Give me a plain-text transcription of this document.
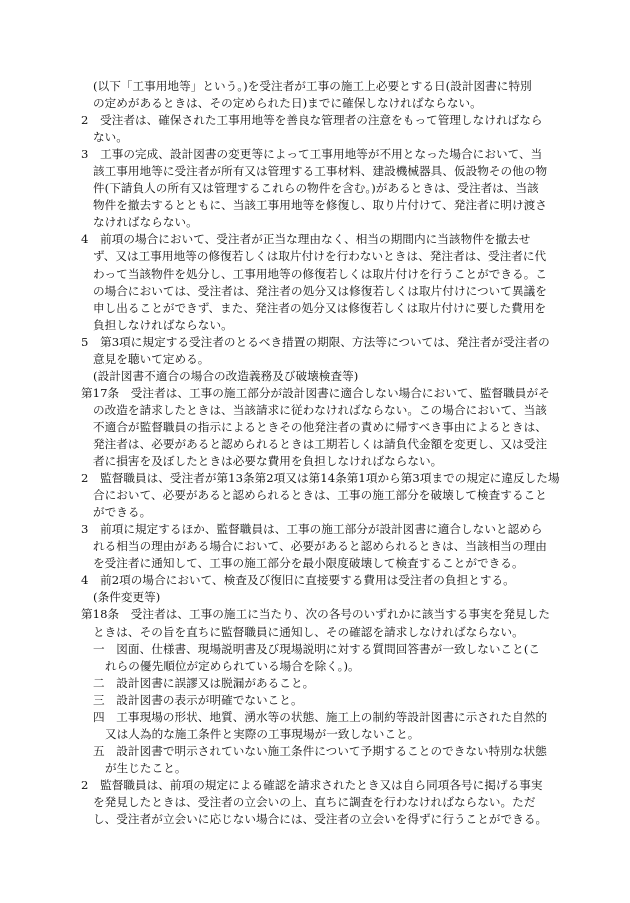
(以下「工事用地等」という。)を受注者が工事の施工上必要とする日(設計図書に特別
の定めがあるときは、その定められた日)までに確保しなければならない。
2　受注者は、確保された工事用地等を善良な管理者の注意をもって管理しなければなら
ない。
3　工事の完成、設計図書の変更等によって工事用地等が不用となった場合において、当
該工事用地等に受注者が所有又は管理する工事材料、建設機械器具、仮設物その他の物
件(下請負人の所有又は管理するこれらの物件を含む。)があるときは、受注者は、当該
物件を撤去するとともに、当該工事用地等を修復し、取り片付けて、発注者に明け渡さ
なければならない。
4　前項の場合において、受注者が正当な理由なく、相当の期間内に当該物件を撤去せ
ず、又は工事用地等の修復若しくは取片付けを行わないときは、発注者は、受注者に代
わって当該物件を処分し、工事用地等の修復若しくは取片付けを行うことができる。こ
の場合においては、受注者は、発注者の処分又は修復若しくは取片付けについて異議を
申し出ることができず、また、発注者の処分又は修復若しくは取片付けに要した費用を
負担しなければならない。
5　第3項に規定する受注者のとるべき措置の期限、方法等については、発注者が受注者の
意見を聴いて定める。
(設計図書不適合の場合の改造義務及び破壊検査等)
第17条　受注者は、工事の施工部分が設計図書に適合しない場合において、監督職員がそ
の改造を請求したときは、当該請求に従わなければならない。この場合において、当該
不適合が監督職員の指示によるときその他発注者の責めに帰すべき事由によるときは、
発注者は、必要があると認められるときは工期若しくは請負代金額を変更し、又は受注
者に損害を及ぼしたときは必要な費用を負担しなければならない。
2　監督職員は、受注者が第13条第2項又は第14条第1項から第3項までの規定に違反した場
合において、必要があると認められるときは、工事の施工部分を破壊して検査すること
ができる。
3　前項に規定するほか、監督職員は、工事の施工部分が設計図書に適合しないと認めら
れる相当の理由がある場合において、必要があると認められるときは、当該相当の理由
を受注者に通知して、工事の施工部分を最小限度破壊して検査することができる。
4　前2項の場合において、検査及び復旧に直接要する費用は受注者の負担とする。
(条件変更等)
第18条　受注者は、工事の施工に当たり、次の各号のいずれかに該当する事実を発見した
ときは、その旨を直ちに監督職員に通知し、その確認を請求しなければならない。
一　図面、仕様書、現場説明書及び現場説明に対する質問回答書が一致しないこと(こ
れらの優先順位が定められている場合を除く。)。
二　設計図書に誤謬又は脱漏があること。
三　設計図書の表示が明確でないこと。
四　工事現場の形状、地質、湧水等の状態、施工上の制約等設計図書に示された自然的
又は人為的な施工条件と実際の工事現場が一致しないこと。
五　設計図書で明示されていない施工条件について予期することのできない特別な状態
が生じたこと。
2　監督職員は、前項の規定による確認を請求されたとき又は自ら同項各号に掲げる事実
を発見したときは、受注者の立会いの上、直ちに調査を行わなければならない。ただ
し、受注者が立会いに応じない場合には、受注者の立会いを得ずに行うことができる。
